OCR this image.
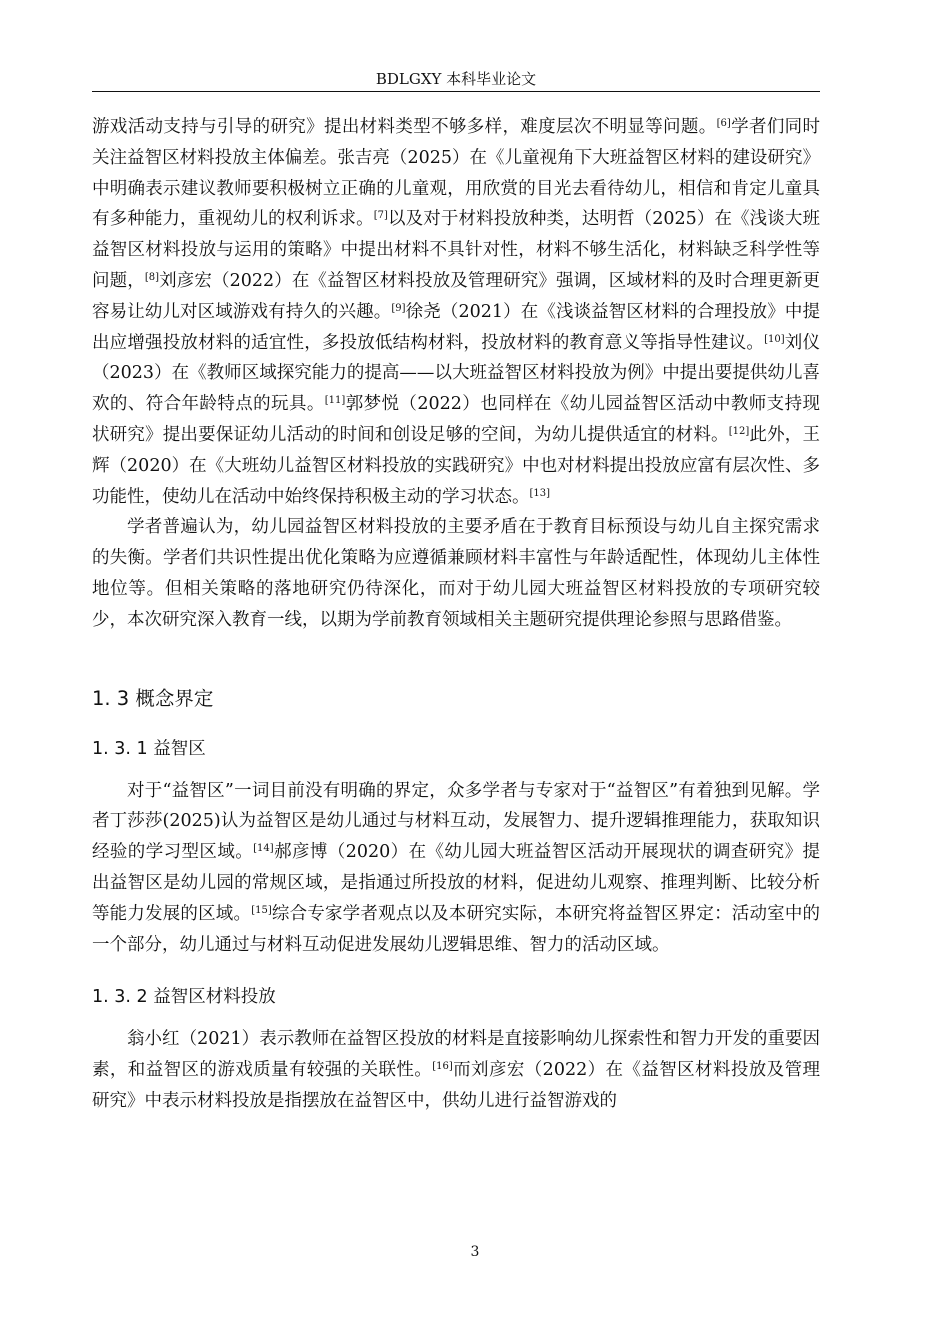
BDLGXY 本科毕业论文

游戏活动支持与引导的研究》提出材料类型不够多样，难度层次不明显等问题。[6]学者们同时关注益智区材料投放主体偏差。张吉亮（2025）在《儿童视角下大班益智区材料的建设研究》中明确表示建议教师要积极树立正确的儿童观，用欣赏的目光去看待幼儿，相信和肯定儿童具有多种能力，重视幼儿的权利诉求。[7]以及对于材料投放种类，达明哲（2025）在《浅谈大班益智区材料投放与运用的策略》中提出材料不具针对性，材料不够生活化，材料缺乏科学性等问题，[8]刘彦宏（2022）在《益智区材料投放及管理研究》强调，区域材料的及时合理更新更容易让幼儿对区域游戏有持久的兴趣。[9]徐尧（2021）在《浅谈益智区材料的合理投放》中提出应增强投放材料的适宜性，多投放低结构材料，投放材料的教育意义等指导性建议。[10]刘仪（2023）在《教师区域探究能力的提高——以大班益智区材料投放为例》中提出要提供幼儿喜欢的、符合年龄特点的玩具。[11]郭梦悦（2022）也同样在《幼儿园益智区活动中教师支持现状研究》提出要保证幼儿活动的时间和创设足够的空间，为幼儿提供适宜的材料。[12]此外，王辉（2020）在《大班幼儿益智区材料投放的实践研究》中也对材料提出投放应富有层次性、多功能性，使幼儿在活动中始终保持积极主动的学习状态。[13]

学者普遍认为，幼儿园益智区材料投放的主要矛盾在于教育目标预设与幼儿自主探究需求的失衡。学者们共识性提出优化策略为应遵循兼顾材料丰富性与年龄适配性，体现幼儿主体性地位等。但相关策略的落地研究仍待深化，而对于幼儿园大班益智区材料投放的专项研究较少，本次研究深入教育一线，以期为学前教育领域相关主题研究提供理论参照与思路借鉴。

1. 3 概念界定
1. 3. 1 益智区

对于“益智区”一词目前没有明确的界定，众多学者与专家对于“益智区”有着独到见解。学者丁莎莎(2025)认为益智区是幼儿通过与材料互动，发展智力、提升逻辑推理能力，获取知识经验的学习型区域。[14]郝彦博（2020）在《幼儿园大班益智区活动开展现状的调查研究》提出益智区是幼儿园的常规区域，是指通过所投放的材料，促进幼儿观察、推理判断、比较分析等能力发展的区域。[15]综合专家学者观点以及本研究实际，本研究将益智区界定：活动室中的一个部分，幼儿通过与材料互动促进发展幼儿逻辑思维、智力的活动区域。

1. 3. 2 益智区材料投放

翁小红（2021）表示教师在益智区投放的材料是直接影响幼儿探索性和智力开发的重要因素，和益智区的游戏质量有较强的关联性。[16]而刘彦宏（2022）在《益智区材料投放及管理研究》中表示材料投放是指摆放在益智区中，供幼儿进行益智游戏的

3
